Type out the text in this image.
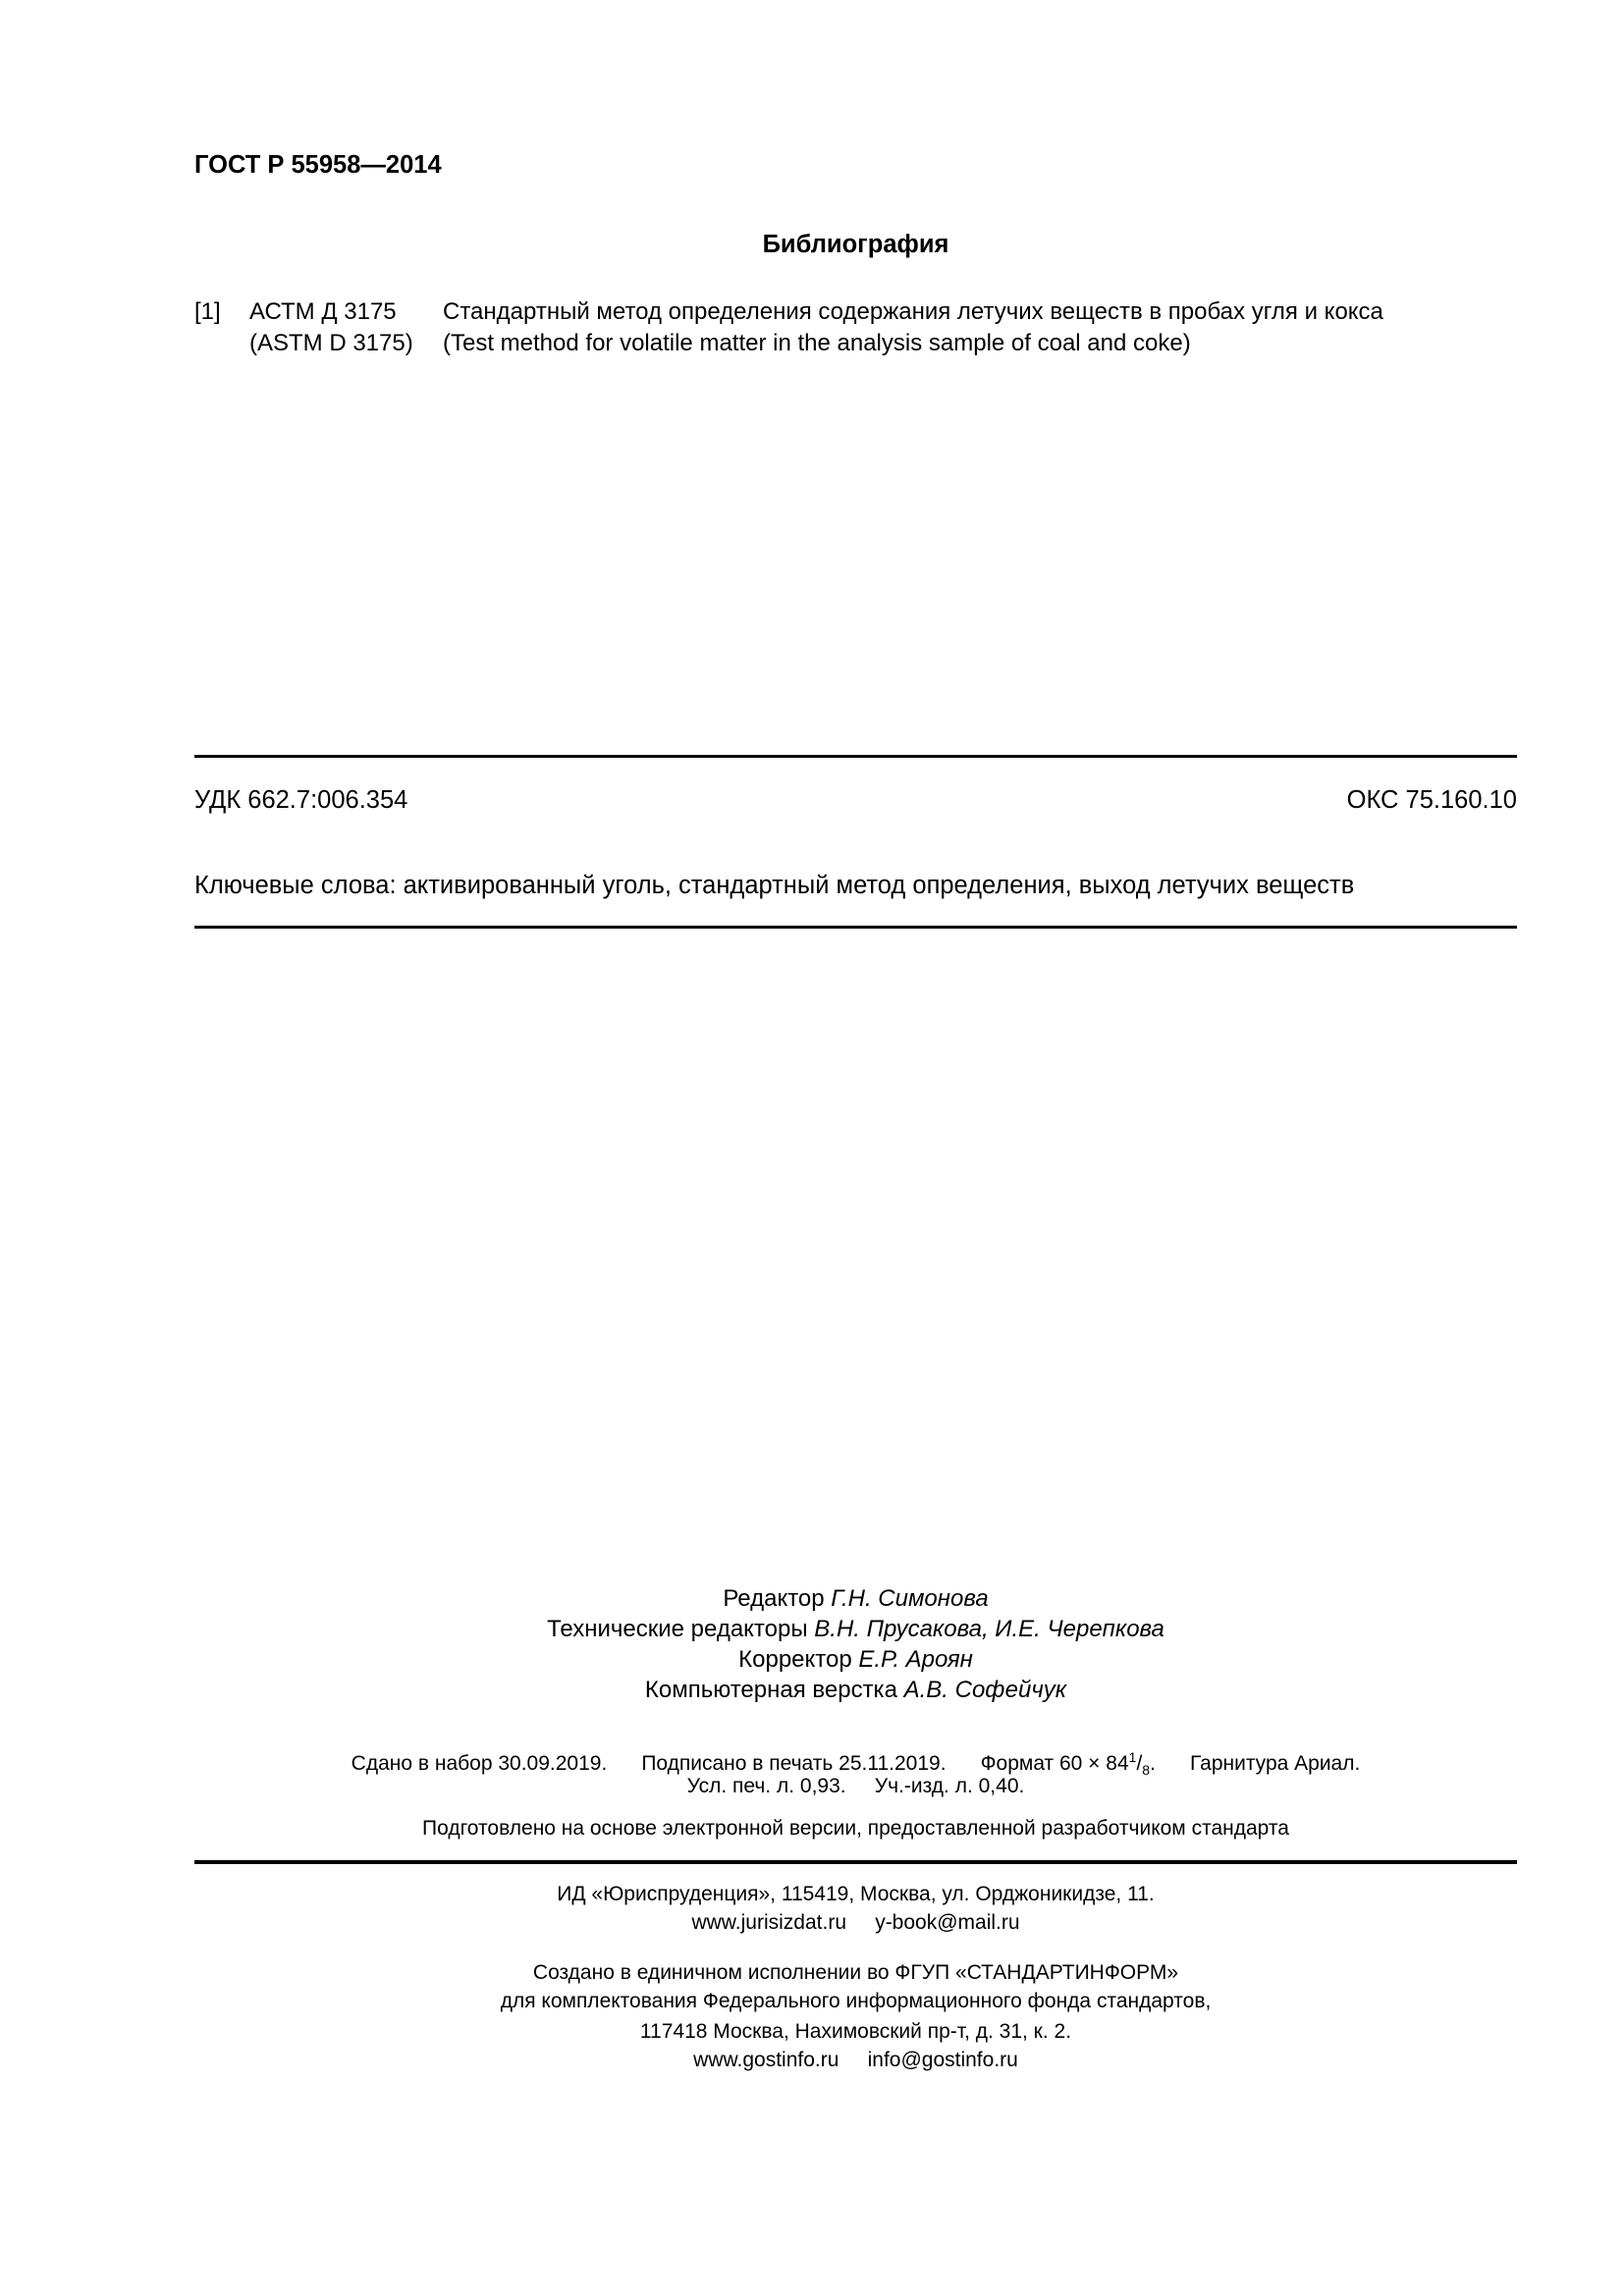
ГОСТ Р 55958—2014
Библиография
[1] АСТМ Д 3175
(ASTM D 3175)
Стандартный метод определения содержания летучих веществ в пробах угля и кокса
(Test method for volatile matter in the analysis sample of coal and coke)
УДК 662.7:006.354	ОКС 75.160.10
Ключевые слова: активированный уголь, стандартный метод определения, выход летучих веществ
Редактор Г.Н. Симонова
Технические редакторы В.Н. Прусакова, И.Е. Черепкова
Корректор Е.Р. Ароян
Компьютерная верстка А.В. Софейчук
Сдано в набор 30.09.2019. Подписано в печать 25.11.2019. Формат $60 \times 84^1/_8$. Гарнитура Ариал.
Усл. печ. л. 0,93. Уч.-изд. л. 0,40.
Подготовлено на основе электронной версии, предоставленной разработчиком стандарта
ИД «Юриспруденция», 115419, Москва, ул. Орджоникидзе, 11.
www.jurisizdat.ru y-book@mail.ru
Создано в единичном исполнении во ФГУП «СТАНДАРТИНФОРМ»
для комплектования Федерального информационного фонда стандартов,
117418 Москва, Нахимовский пр-т, д. 31, к. 2.
www.gostinfo.ru info@gostinfo.ru
